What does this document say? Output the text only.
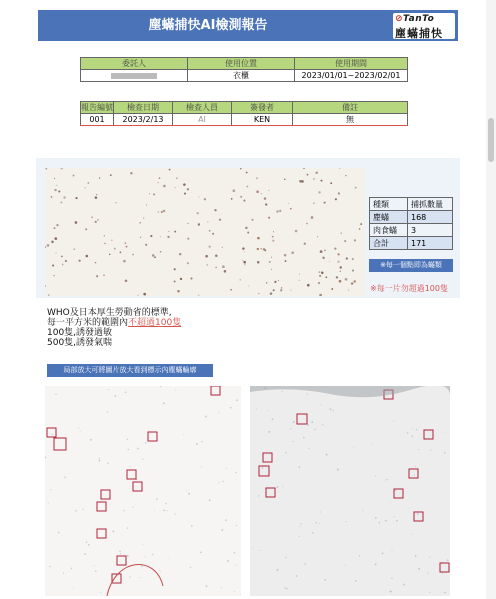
塵蟎捕快AI檢測報告	⊘TanTo
塵蟎捕快
委託人	使用位置	使用期間
	衣櫃	2023/01/01~2023/02/01
報告編號	檢查日期	檢查人員	簽發者	備註
001	2023/2/13	AI	KEN	無
種類	捕抓數量
塵蟎	168
肉食蟎	3
合計	171
※每一個點即為蟎類
※每一片勿超過100隻
WHO及日本厚生勞動省的標準,
每一平方米的範圍內不超過100隻
100隻,誘發過敏
500隻,誘發氣喘
局部放大可將圖片放大看到標示內塵蟎輪廓
